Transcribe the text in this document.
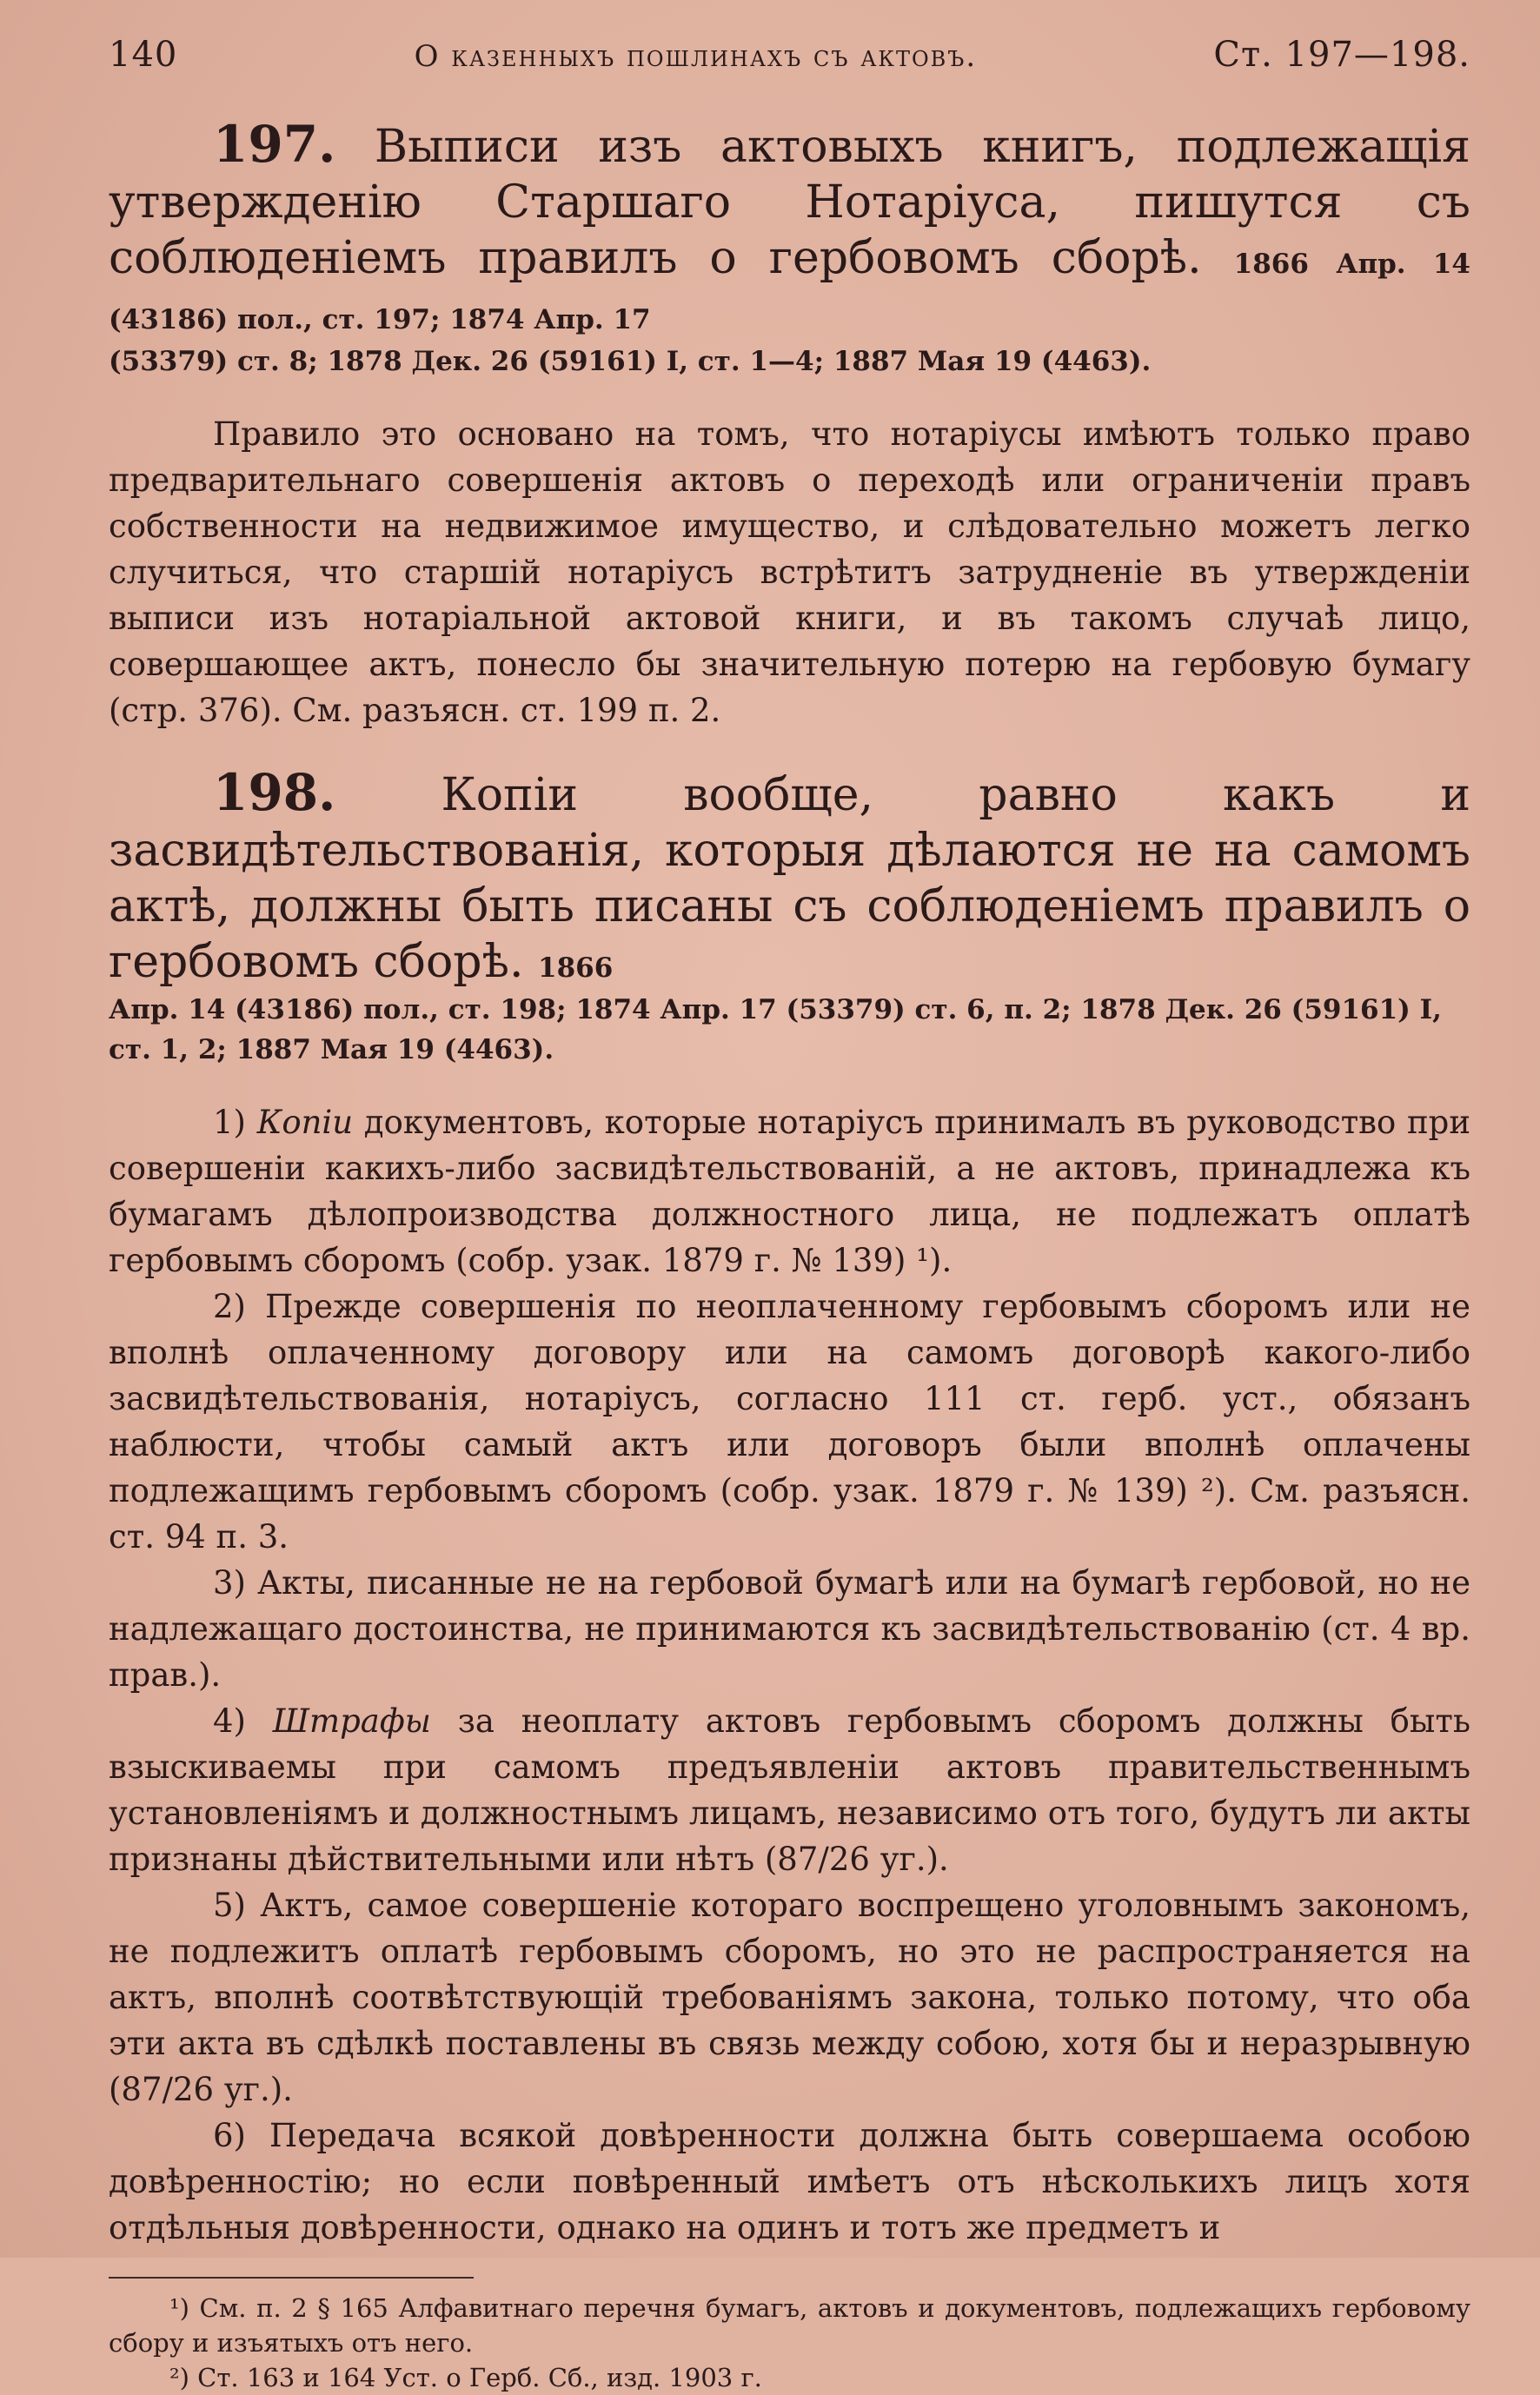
140	О казенныхъ пошлинахъ съ актовъ.	Ст. 197—198.

197. Выписи изъ актовыхъ книгъ, подлежащія утвержденію Старшаго Нотаріуса, пишутся съ соблюденіемъ правилъ о гербовомъ сборѣ. 1866 Апр. 14 (43186) пол., ст. 197; 1874 Апр. 17

(53379) ст. 8; 1878 Дек. 26 (59161) I, ст. 1—4; 1887 Мая 19 (4463).

Правило это основано на томъ, что нотаріусы имѣютъ только право предварительнаго совершенія актовъ о переходѣ или ограниченіи правъ собственности на недвижимое имущество, и слѣдовательно можетъ легко случиться, что старшій нотаріусъ встрѣтитъ затрудненіе въ утвержденіи выписи изъ нотаріальной актовой книги, и въ такомъ случаѣ лицо, совершающее актъ, понесло бы значительную потерю на гербовую бумагу (стр. 376). См. разъясн. ст. 199 п. 2.

198. Копіи вообще, равно какъ и засвидѣтельствованія, которыя дѣлаются не на самомъ актѣ, должны быть писаны съ соблюденіемъ правилъ о гербовомъ сборѣ. 1866

Апр. 14 (43186) пол., ст. 198; 1874 Апр. 17 (53379) ст. 6, п. 2; 1878 Дек. 26 (59161) I, ст. 1, 2; 1887 Мая 19 (4463).

1) Копіи документовъ, которые нотаріусъ принималъ въ руководство при совершеніи какихъ-либо засвидѣтельствованій, а не актовъ, принадлежа къ бумагамъ дѣлопроизводства должностного лица, не подлежатъ оплатѣ гербовымъ сборомъ (собр. узак. 1879 г. № 139) ¹).

2) Прежде совершенія по неоплаченному гербовымъ сборомъ или не вполнѣ оплаченному договору или на самомъ договорѣ какого-либо засвидѣтельствованія, нотаріусъ, согласно 111 ст. герб. уст., обязанъ наблюсти, чтобы самый актъ или договоръ были вполнѣ оплачены подлежащимъ гербовымъ сборомъ (собр. узак. 1879 г. № 139) ²). См. разъясн. ст. 94 п. 3.

3) Акты, писанные не на гербовой бумагѣ или на бумагѣ гербовой, но не надлежащаго достоинства, не принимаются къ засвидѣтельствованію (ст. 4 вр. прав.).

4) Штрафы за неоплату актовъ гербовымъ сборомъ должны быть взыскиваемы при самомъ предъявленіи актовъ правительственнымъ установленіямъ и должностнымъ лицамъ, независимо отъ того, будутъ ли акты признаны дѣйствительными или нѣтъ (87/26 уг.).

5) Актъ, самое совершеніе котораго воспрещено уголовнымъ закономъ, не подлежитъ оплатѣ гербовымъ сборомъ, но это не распространяется на актъ, вполнѣ соотвѣтствующій требованіямъ закона, только потому, что оба эти акта въ сдѣлкѣ поставлены въ связь между собою, хотя бы и неразрывную (87/26 уг.).

6) Передача всякой довѣренности должна быть совершаема особою довѣренностію; но если повѣренный имѣетъ отъ нѣсколькихъ лицъ хотя отдѣльныя довѣренности, однако на одинъ и тотъ же предметъ и

¹) См. п. 2 § 165 Алфавитнаго перечня бумагъ, актовъ и документовъ, подлежащихъ гербовому сбору и изъятыхъ отъ него.

²) Ст. 163 и 164 Уст. о Герб. Сб., изд. 1903 г.
